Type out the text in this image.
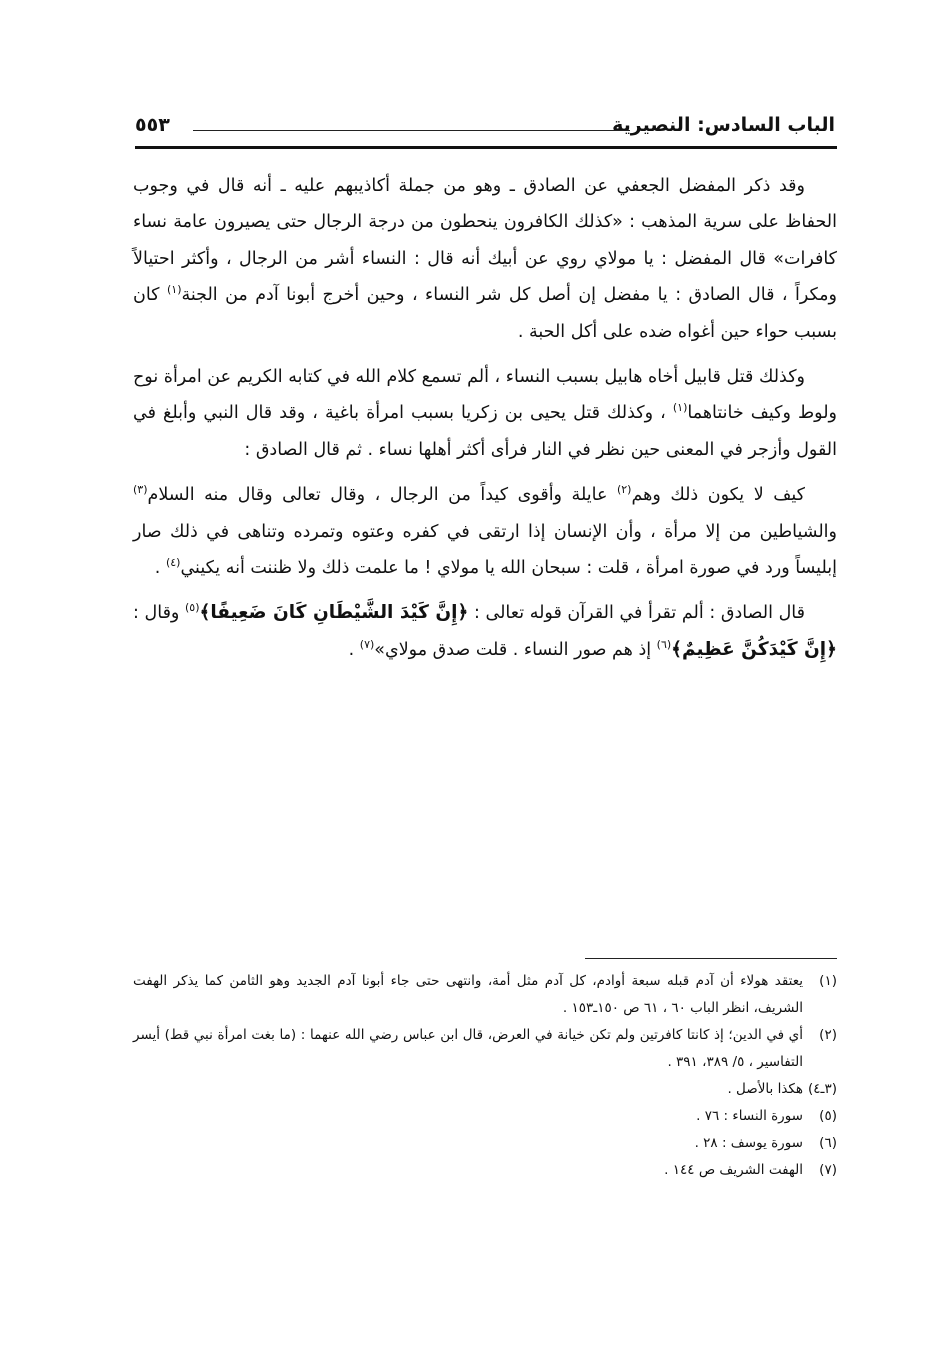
الباب السادس: النصيرية
٥٥٣

وقد ذكر المفضل الجعفي عن الصادق ـ وهو من جملة أكاذيبهم عليه ـ أنه قال في وجوب الحفاظ على سرية المذهب : «كذلك الكافرون ينحطون من درجة الرجال حتى يصيرون عامة نساء كافرات» قال المفضل : يا مولاي روي عن أبيك أنه قال : النساء أشر من الرجال ، وأكثر احتيالاً ومكراً ، قال الصادق : يا مفضل إن أصل كل شر النساء ، وحين أخرج أبونا آدم من الجنة$^{(١)}$ كان بسبب حواء حين أغواه ضده على أكل الحبة .

وكذلك قتل قابيل أخاه هابيل بسبب النساء ، ألم تسمع كلام الله في كتابه الكريم عن امرأة نوح ولوط وكيف خانتاهما$^{(١)}$ ، وكذلك قتل يحيى بن زكريا بسبب امرأة باغية ، وقد قال النبي وأبلغ في القول وأزجر في المعنى حين نظر في النار فرأى أكثر أهلها نساء . ثم قال الصادق :

كيف لا يكون ذلك وهم$^{(٢)}$ عايلة وأقوى كيداً من الرجال ، وقال تعالى وقال منه السلام$^{(٣)}$ والشياطين من إلا مرأة ، وأن الإنسان إذا ارتقى في كفره وعتوه وتمرده وتناهى في ذلك صار إبليساً ورد في صورة امرأة ، قلت : سبحان الله يا مولاي ! ما علمت ذلك ولا ظننت أنه يكيني$^{(٤)}$ .

قال الصادق : ألم تقرأ في القرآن قوله تعالى : ﴿إِنَّ كَيْدَ الشَّيْطَانِ كَانَ ضَعِيفًا﴾$^{(٥)}$ وقال : ﴿إِنَّ كَيْدَكُنَّ عَظِيمٌ﴾$^{(٦)}$ إذ هم صور النساء . قلت صدق مولاي»$^{(٧)}$ .

(١)
يعتقد هولاء أن آدم قبله سبعة أوادم، كل آدم مثل أمة، وانتهى حتى جاء أبونا آدم الجديد وهو الثامن كما يذكر الهفت الشريف، انظر الباب ٦٠ ، ٦١ ص ١٥٠ـ١٥٣ .
(٢)
أي في الدين؛ إذ كانتا كافرتين ولم تكن خيانة في العرض، قال ابن عباس رضي الله عنهما : (ما بغت امرأة نبي قط) أيسر التفاسير ، ٥/ ٣٨٩، ٣٩١ .
(٣ـ٤)
هكذا بالأصل .
(٥)
سورة النساء : ٧٦ .
(٦)
سورة يوسف : ٢٨ .
(٧)
الهفت الشريف ص ١٤٤ .
